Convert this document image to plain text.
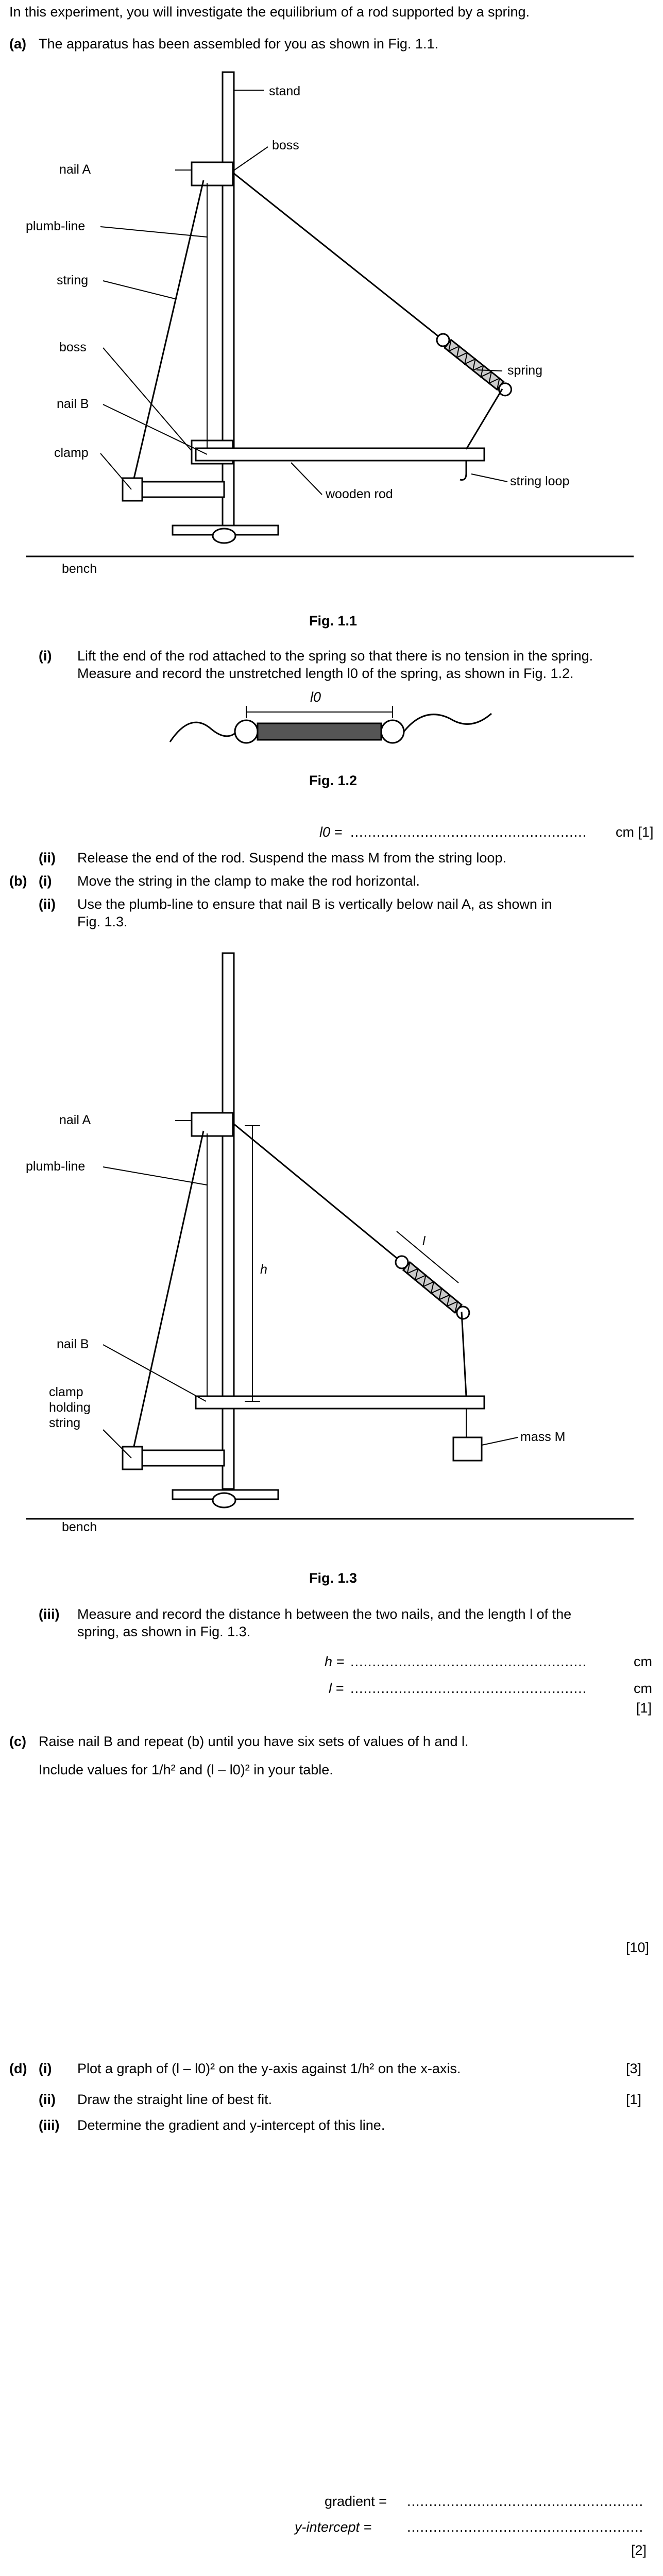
In this experiment, you will investigate the equilibrium of a rod supported by a spring.
(a) The apparatus has been assembled for you as shown in Fig. 1.1.
stand
boss
nail A
plumb-line
string
boss
nail B
clamp
spring
string loop
wooden rod
bench
Fig. 1.1
(i) Lift the end of the rod attached to the spring so that there is no tension in the spring.
Measure and record the unstretched length l0 of the spring, as shown in Fig. 1.2.
l0
Fig. 1.2
l0 = ...................................................... cm [1]
(ii) Release the end of the rod. Suspend the mass M from the string loop.
(b) (i) Move the string in the clamp to make the rod horizontal.
(ii) Use the plumb-line to ensure that nail B is vertically below nail A, as shown in
Fig. 1.3.
nail A
plumb-line
nail B
clamp
holding
string
h
l
mass M
bench
Fig. 1.3
(iii) Measure and record the distance h between the two nails, and the length l of the
spring, as shown in Fig. 1.3.
h = ......................................................	cm
l = ......................................................	cm
[1]
(c) Raise nail B and repeat (b) until you have six sets of values of h and l.
Include values for 1/h² and (l – l0)² in your table.
[10]
(d) (i) Plot a graph of (l – l0)² on the y-axis against 1/h² on the x-axis.	[3]
(ii) Draw the straight line of best fit.	[1]
(iii) Determine the gradient and y-intercept of this line.
gradient = ......................................................
y-intercept =	......................................................
[2]
